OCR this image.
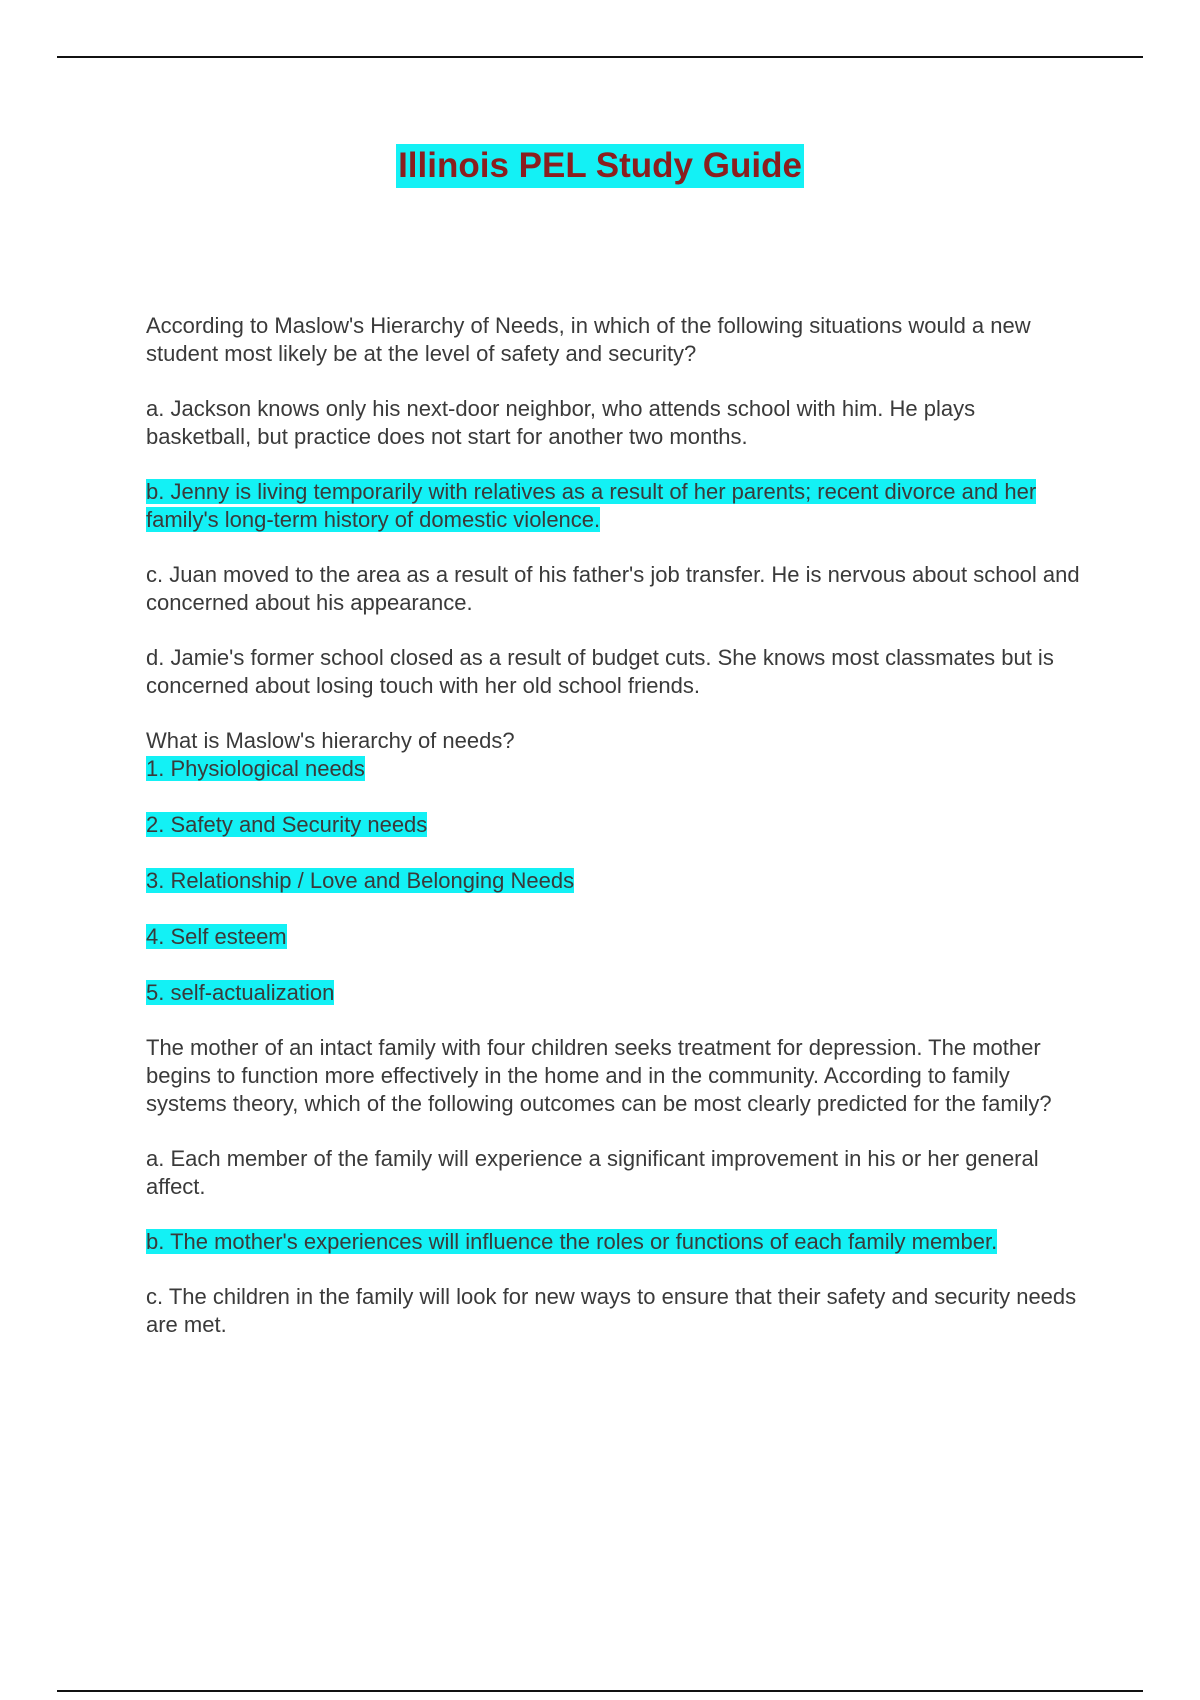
Illinois PEL Study Guide

According to Maslow's Hierarchy of Needs, in which of the following situations would a new student most likely be at the level of safety and security?

a. Jackson knows only his next-door neighbor, who attends school with him. He plays basketball, but practice does not start for another two months.

b. Jenny is living temporarily with relatives as a result of her parents; recent divorce and her family's long-term history of domestic violence.

c. Juan moved to the area as a result of his father's job transfer. He is nervous about school and concerned about his appearance.

d. Jamie's former school closed as a result of budget cuts. She knows most classmates but is concerned about losing touch with her old school friends.

What is Maslow's hierarchy of needs?

1. Physiological needs
2. Safety and Security needs
3. Relationship / Love and Belonging Needs
4. Self esteem
5. self-actualization

The mother of an intact family with four children seeks treatment for depression. The mother begins to function more effectively in the home and in the community. According to family systems theory, which of the following outcomes can be most clearly predicted for the family?

a. Each member of the family will experience a significant improvement in his or her general affect.

b. The mother's experiences will influence the roles or functions of each family member.

c. The children in the family will look for new ways to ensure that their safety and security needs are met.
